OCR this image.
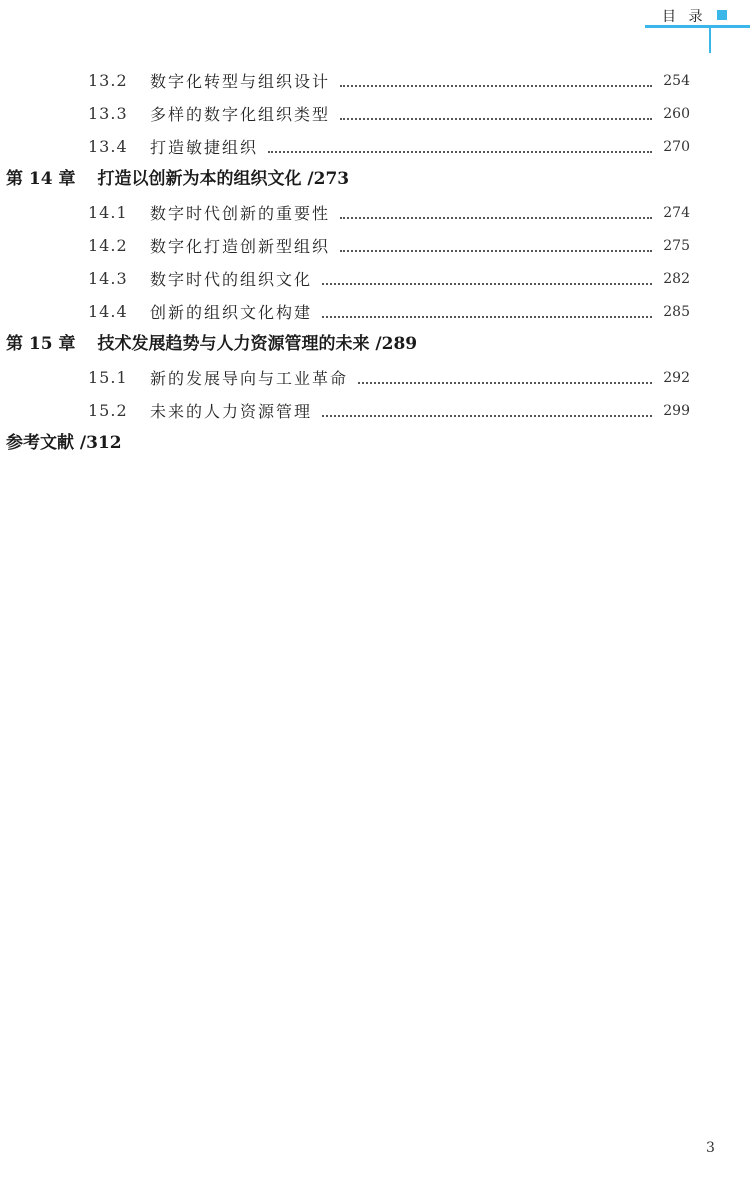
目 录
13.2	数字化转型与组织设计	254
13.3	多样的数字化组织类型	260
13.4	打造敏捷组织	270
第 14 章 打造以创新为本的组织文化 /273
14.1	数字时代创新的重要性	274
14.2	数字化打造创新型组织	275
14.3	数字时代的组织文化	282
14.4	创新的组织文化构建	285
第 15 章 技术发展趋势与人力资源管理的未来 /289
15.1	新的发展导向与工业革命	292
15.2	未来的人力资源管理	299
参考文献 /312
3
